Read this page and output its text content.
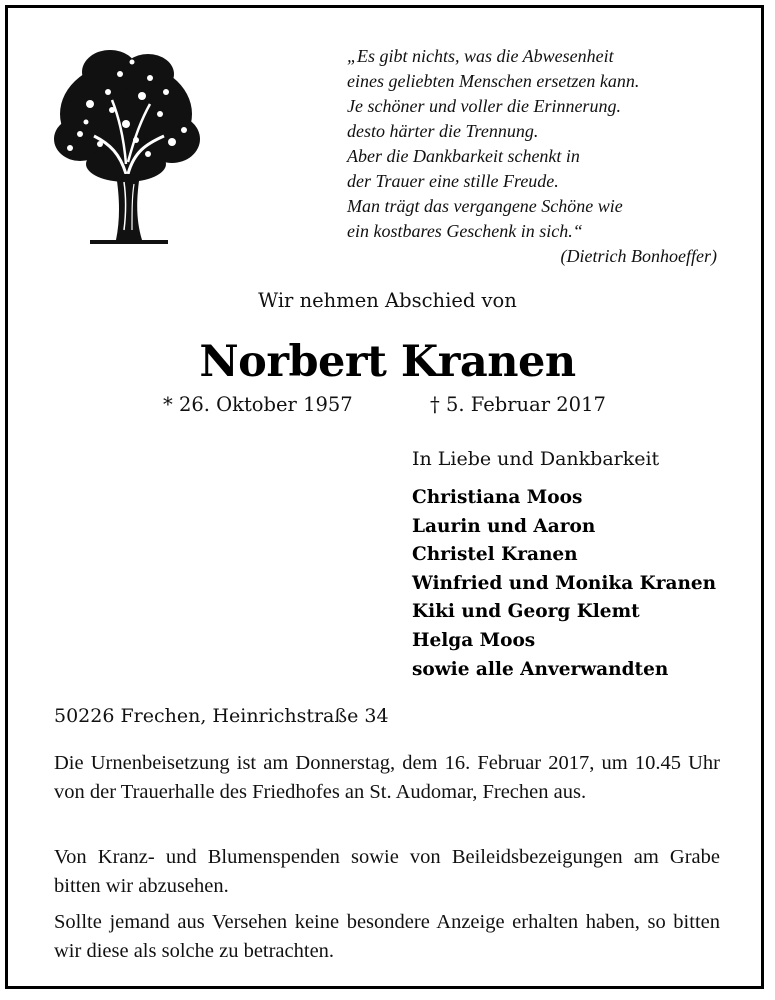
„Es gibt nichts, was die Abwesenheit
eines geliebten Menschen ersetzen kann.
Je schöner und voller die Erinnerung.
desto härter die Trennung.
Aber die Dankbarkeit schenkt in
der Trauer eine stille Freude.
Man trägt das vergangene Schöne wie
ein kostbares Geschenk in sich.“
(Dietrich Bonhoeffer)
Wir nehmen Abschied von
Norbert Kranen
* 26. Oktober 1957	† 5. Februar 2017
In Liebe und Dankbarkeit
Christiana Moos
Laurin und Aaron
Christel Kranen
Winfried und Monika Kranen
Kiki und Georg Klemt
Helga Moos
sowie alle Anverwandten
50226 Frechen, Heinrichstraße 34

Die Urnenbeisetzung ist am Donnerstag, dem 16. Februar 2017, um 10.45 Uhr von der Trauerhalle des Friedhofes an St. Audomar, Frechen aus.

Von Kranz- und Blumenspenden sowie von Beileidsbezeigungen am Grabe bitten wir abzusehen.

Sollte jemand aus Versehen keine besondere Anzeige erhalten haben, so bitten wir diese als solche zu betrachten.
